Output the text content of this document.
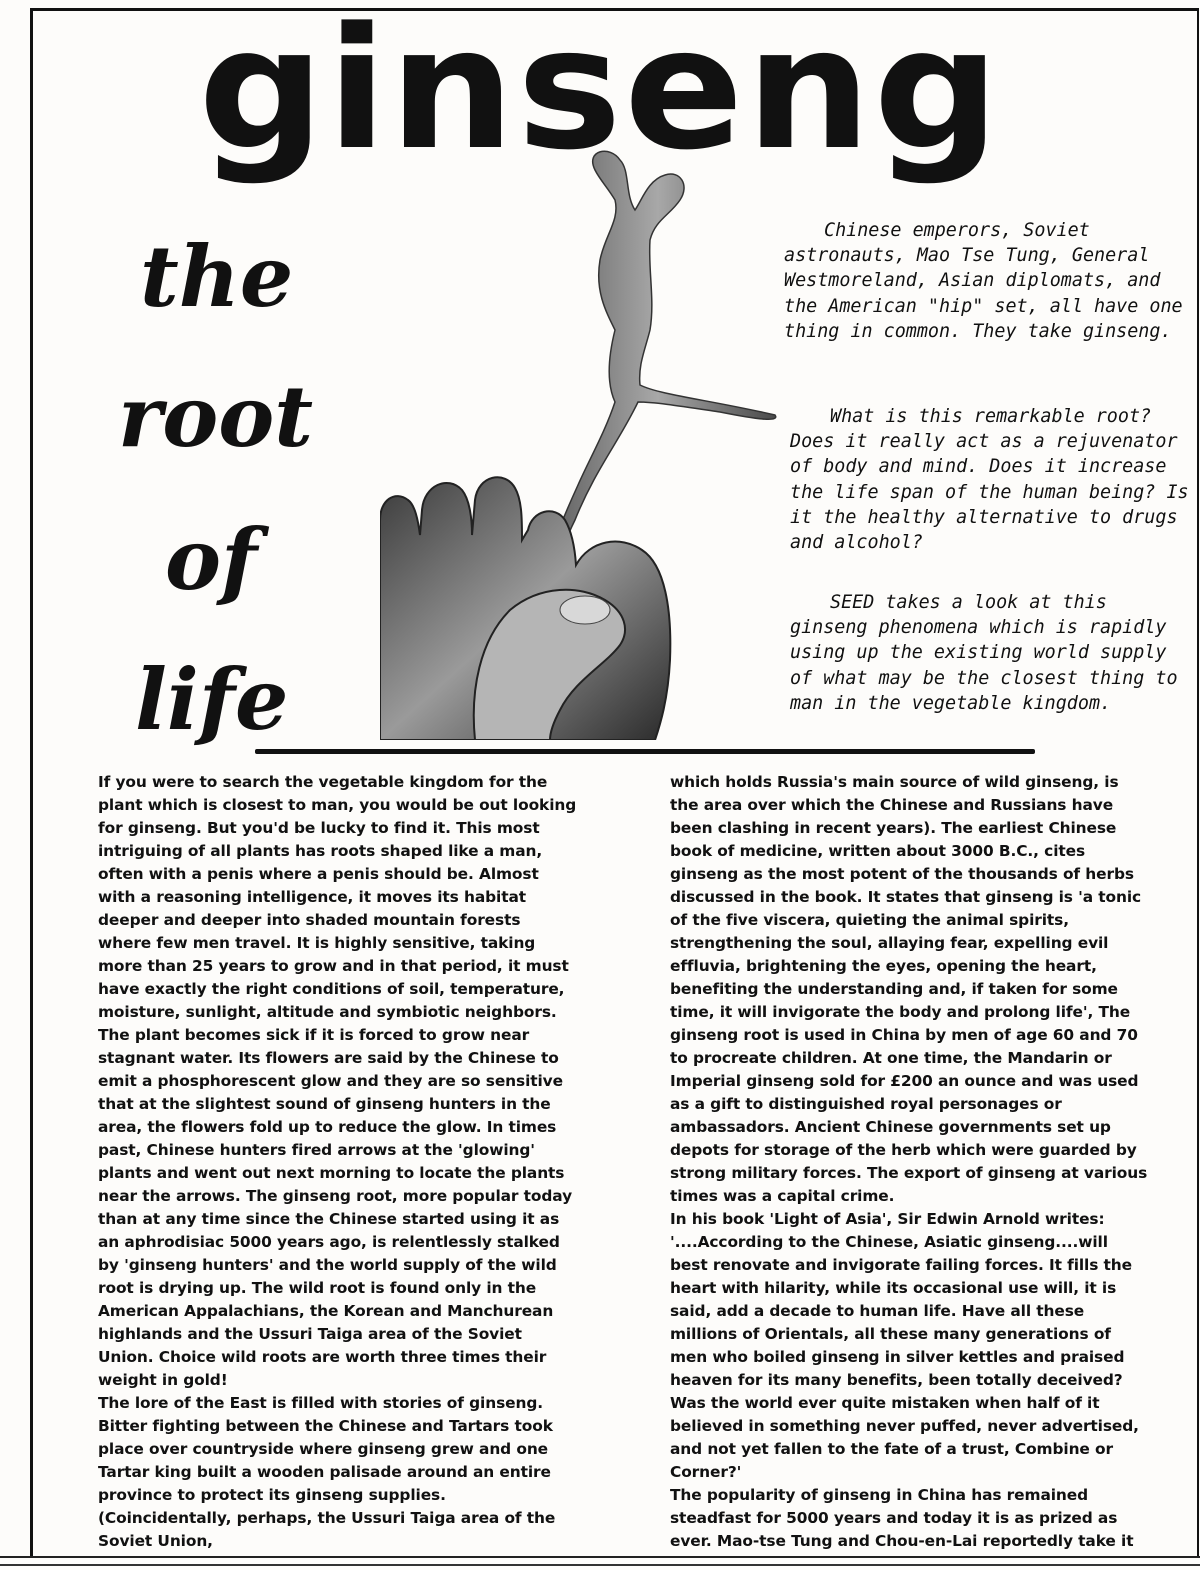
ginseng
the
root
of
life

Chinese emperors, Soviet astronauts, Mao Tse Tung, General Westmoreland, Asian diplomats, and the American "hip" set, all have one thing in common. They take ginseng.

What is this remarkable root? Does it really act as a rejuvenator of body and mind. Does it increase the life span of the human being? Is it the healthy alternative to drugs and alcohol?

SEED takes a look at this ginseng phenomena which is rapidly using up the existing world supply of what may be the closest thing to man in the vegetable kingdom.

If you were to search the vegetable kingdom for the plant which is closest to man, you would be out looking for ginseng. But you'd be lucky to find it. This most intriguing of all plants has roots shaped like a man, often with a penis where a penis should be. Almost with a reasoning intelligence, it moves its habitat deeper and deeper into shaded mountain forests where few men travel. It is highly sensitive, taking more than 25 years to grow and in that period, it must have exactly the right conditions of soil, temperature, moisture, sunlight, altitude and symbiotic neighbors. The plant becomes sick if it is forced to grow near stagnant water. Its flowers are said by the Chinese to emit a phosphorescent glow and they are so sensitive that at the slightest sound of ginseng hunters in the area, the flowers fold up to reduce the glow. In times past, Chinese hunters fired arrows at the 'glowing' plants and went out next morning to locate the plants near the arrows. The ginseng root, more popular today than at any time since the Chinese started using it as an aphrodisiac 5000 years ago, is relentlessly stalked by 'ginseng hunters' and the world supply of the wild root is drying up. The wild root is found only in the American Appalachians, the Korean and Manchurean highlands and the Ussuri Taiga area of the Soviet Union. Choice wild roots are worth three times their weight in gold!

The lore of the East is filled with stories of ginseng. Bitter fighting between the Chinese and Tartars took place over countryside where ginseng grew and one Tartar king built a wooden palisade around an entire province to protect its ginseng supplies.(Coincidentally, perhaps, the Ussuri Taiga area of the Soviet Union,

which holds Russia's main source of wild ginseng, is the area over which the Chinese and Russians have been clashing in recent years). The earliest Chinese book of medicine, written about 3000 B.C., cites ginseng as the most potent of the thousands of herbs discussed in the book. It states that ginseng is 'a tonic of the five viscera, quieting the animal spirits, strengthening the soul, allaying fear, expelling evil effluvia, brightening the eyes, opening the heart, benefiting the understanding and, if taken for some time, it will invigorate the body and prolong life', The ginseng root is used in China by men of age 60 and 70 to procreate children. At one time, the Mandarin or Imperial ginseng sold for £200 an ounce and was used as a gift to distinguished royal personages or ambassadors. Ancient Chinese governments set up depots for storage of the herb which were guarded by strong military forces. The export of ginseng at various times was a capital crime.

In his book 'Light of Asia', Sir Edwin Arnold writes: '....According to the Chinese, Asiatic ginseng....will best renovate and invigorate failing forces. It fills the heart with hilarity, while its occasional use will, it is said, add a decade to human life. Have all these millions of Orientals, all these many generations of men who boiled ginseng in silver kettles and praised heaven for its many benefits, been totally deceived? Was the world ever quite mistaken when half of it believed in something never puffed, never advertised, and not yet fallen to the fate of a trust, Combine or Corner?'

The popularity of ginseng in China has remained steadfast for 5000 years and today it is as prized as ever. Mao-tse Tung and Chou-en-Lai reportedly take it
